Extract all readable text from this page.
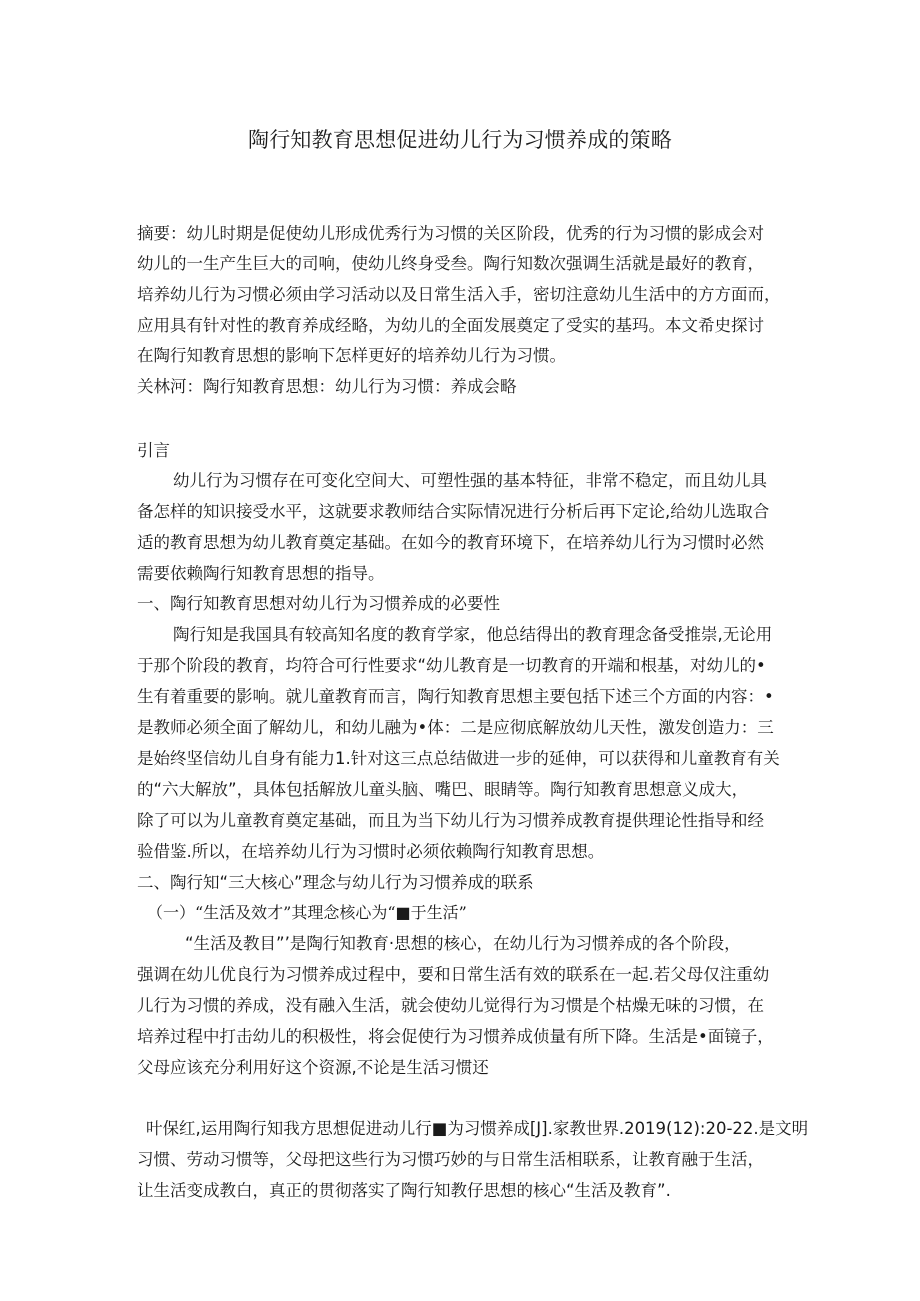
陶行知教育思想促进幼儿行为习惯养成的策略
摘要：幼儿时期是促使幼儿形成优秀行为习惯的关区阶段，优秀的行为习惯的影成会对
幼儿的一生产生巨大的司响，使幼儿终身受叁。陶行知数次强调生活就是最好的教育，
培养幼儿行为习惯必须由学习活动以及日常生活入手，密切注意幼儿生活中的方方面而，
应用具有针对性的教育养成经略，为幼儿的全面发展奠定了受实的基玛。本文希史探讨
在陶行知教育思想的影响下怎样更好的培养幼儿行为习惯。
关林河：陶行知教育思想：幼儿行为习惯：养成会略
引言
幼儿行为习惯存在可变化空间大、可塑性强的基本特征，非常不稳定，而且幼儿具
备怎样的知识接受水平，这就要求教师结合实际情况进行分析后再下定论,给幼儿选取合
适的教育思想为幼儿教育奠定基础。在如今的教育环境下，在培养幼儿行为习惯时必然
需要依赖陶行知教育思想的指导。
一、陶行知教育思想对幼儿行为习惯养成的必要性
陶行知是我国具有较高知名度的教育学家，他总结得出的教育理念备受推崇,无论用
于那个阶段的教育，均符合可行性要求“幼儿教育是一切教育的开端和根基，对幼儿的•
生有着重要的影响。就儿童教育而言，陶行知教育思想主要包括下述三个方面的内容：•
是教师必须全面了解幼儿，和幼儿融为•体：二是应彻底解放幼儿天性，激发创造力：三
是始终坚信幼儿自身有能力1.针对这三点总结做进一步的延伸，可以获得和儿童教育有关
的“六大解放”，具体包括解放儿童头脑、嘴巴、眼睛等。陶行知教育思想意义成大，
除了可以为儿童教育奠定基础，而且为当下幼儿行为习惯养成教育提供理论性指导和经
验借鉴.所以，在培养幼儿行为习惯时必须依赖陶行知教育思想。
二、陶行知“三大核心”理念与幼儿行为习惯养成的联系
（一）“生活及效才”其理念核心为“■于生活”
“生活及教目”’是陶行知教育·思想的核心，在幼儿行为习惯养成的各个阶段，
强调在幼儿优良行为习惯养成过程中，要和日常生活有效的联系在一起.若父母仅注重幼
儿行为习惯的养成，没有融入生活，就会使幼儿觉得行为习惯是个枯燥无味的习惯，在
培养过程中打击幼儿的积极性，将会促使行为习惯养成侦量有所下降。生活是•面镜子，
父母应该充分利用好这个资源,不论是生活习惯还
叶保红,运用陶行知我方思想促进动儿行■为习惯养成[J].家教世界.2019(12):20-22.是文明
习惯、劳动习惯等，父母把这些行为习惯巧妙的与日常生活相联系，让教育融于生活，
让生活变成教白，真正的贯彻落实了陶行知教仔思想的核心“生活及教育”.
